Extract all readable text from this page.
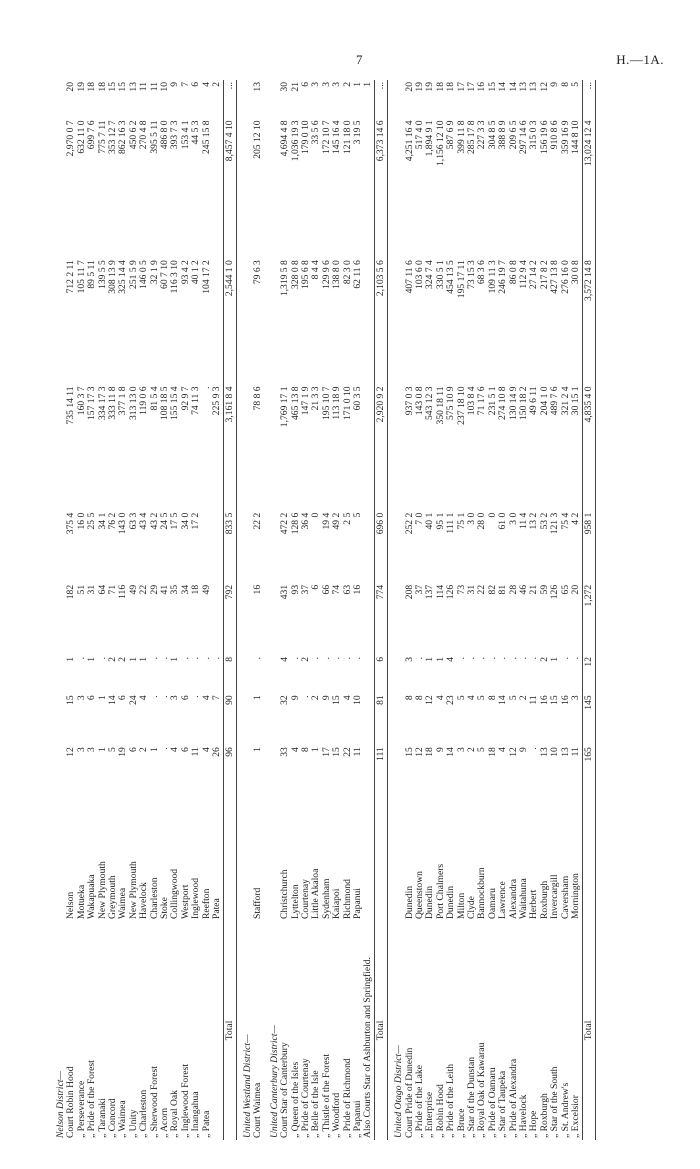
7	H.—1A.
Nelson District—										
Court Robin Hood	Nelson	12	15	1	182	375 4	735 14 11	712 2 11	2,970 0 7	20
„ Perseverance	Motueka	3	3	.	51	16 0	160 3 7	105 11 7	632 11 0	19
„ Pride of the Forest	Wakapuaka	3	6	1	31	25 5	157 17 3	89 5 11	699 7 6	18
„ Taranaki	New Plymouth	1	1	.	64	34 1	334 17 3	139 5 5	775 7 11	18
„ Concord	Greymouth	5	14	2	71	76 2	333 11 8	308 13 9	353 12 7	15
„ Waimea	Waimea	19	6	2	116	143 0	377 1 8	325 14 4	862 16 3	15
„ Unity	New Plymouth	6	24	1	49	63 3	313 13 0	251 5 9	450 6 2	13
„ Charleston	Havelock	2	4	1	22	43 4	119 0 6	146 0 5	270 4 8	11
„ Sherwood Forest	Charleston	1	.	.	29	43 2	81 5 4	32 1 9	395 5 11	11
„ Acorn	Stoke	.	.	.	41	24 5	108 18 5	60 7 10	486 8 0	10
„ Royal Oak	Collingwood	4	3	1	35	17 5	155 15 4	116 3 10	393 7 3	9
„ Inglewood Forest	Westport	6	6	.	34	34 0	92 9 7	93 4 2	153 4 1	7
„ Inangahua	Inglewood	11	.	.	18	17 2	74 11 3	40 1 2	44 5 3	6
„ Patea	Reefton	4	4	.	49		.	104 17 2	245 15 8	4
	Patea	26	7	.			225 9 3			2
Total		96	90	8	792	833 5	3,161 8 4	2,544 1 0	8,457 4 10	...
United Westland District—										
Court Waimea	Stafford	1	1	.	16	22 2	78 8 6	79 6 3	205 12 10	13
United Canterbury District—										
Court Star of Canterbury	Christchurch	33	32	4	431	472 2	1,769 17 1	1,319 5 8	4,694 4 8	30
„ Queen of the Isles	Lyttelton	4	9	.	93	128 6	465 13 8	328 0 8	1,036 19 3	21
„ Pride of Courtenay	Courtenay	8	.	2	37	36 4	147 1 9	195 6 8	179 0 10	6
„ Belle of the Isle	Little Akaloa	1	2	.	6	0	21 3 3	8 4 4	33 5 6	3
„ Thistle of the Forest	Sydenham	17	9	.	66	19 4	195 10 7	129 9 6	172 10 7	3
„ Woodford	Kaiapoi	15	15	.	74	49 2	113 18 9	138 8 0	145 16 4	3
„ Pride of Richmond	Richmond	22	4	.	63	2 5	171 0 10	82 3 0	121 18 0	2
„ Papanui	Papanui	11	10	.	16	5	60 3 5	62 11 6	3 19 5	1
Also Courts Star of Ashburton and Springfield.										1
Total		111	81	6	774	696 0	2,920 9 2	2,103 5 6	6,373 14 6	...
United Otago District—										
Court Pride of Dunedin	Dunedin	15	8	3	208	252 2	937 0 3	407 11 6	4,251 16 4	20
„ Pride of the Lake	Queenstown	12	8	.	37	7 0	143 0 8	103 6 0	517 4 0	19
„ Enterprise	Dunedin	18	12	1	137	40 1	543 12 3	324 7 4	1,894 9 1	19
„ Robin Hood	Port Chalmers	9	4	1	114	95 1	350 18 11	330 5 1	1,156 12 10	18
„ Pride of the Leith	Dunedin	14	23	4	126	111 1	575 10 9	454 13 5	587 6 9	18
„ Bruce	Milton	3	5	.	73	75 1	237 18 10	195 17 11	399 11 8	17
„ Star of the Dunstan	Clyde	2	4	.	31	3 0	103 8 4	73 15 3	285 17 8	17
„ Royal Oak of Kawarau	Bannockburn	5	5	.	22	28 0	71 17 6	68 3 6	227 3 3	16
„ Pride of Oamaru	Oamaru	18	8	.	82	0	231 5 1	109 11 3	304 8 5	15
„ Star of Taupeka	Lawrence	4	14	.	81	61 0	274 10 8	246 19 7	388 8 9	14
„ Pride of Alexandra	Alexandra	12	5	.	28	3 0	130 14 9	86 0 8	209 6 5	14
„ Havelock	Waitahuna	9	2	.	46	11 4	150 18 2	112 9 4	297 14 6	13
„ Hope	Herbert	.	11	.	21	13 2	49 6 11	27 14 2	315 0 3	13
„ Roxburgh	Roxburgh	13	16	2	59	53 2	204 1 0	217 8 2	156 19 6	12
„ Star of the South	Invercargill	10	15	1	126	121 3	489 7 6	427 13 8	910 8 6	9
„ St. Andrew's	Caversham	13	16	.	65	75 4	321 2 4	276 16 0	359 16 9	8
„ Excelsior	Mornington	11	3	.	20	4 2	30 15 1	30 0 8	144 8 10	5
Total		165	145	12	1,272	958 1	4,835 4 0	3,572 14 8	13,024 12 4	...
